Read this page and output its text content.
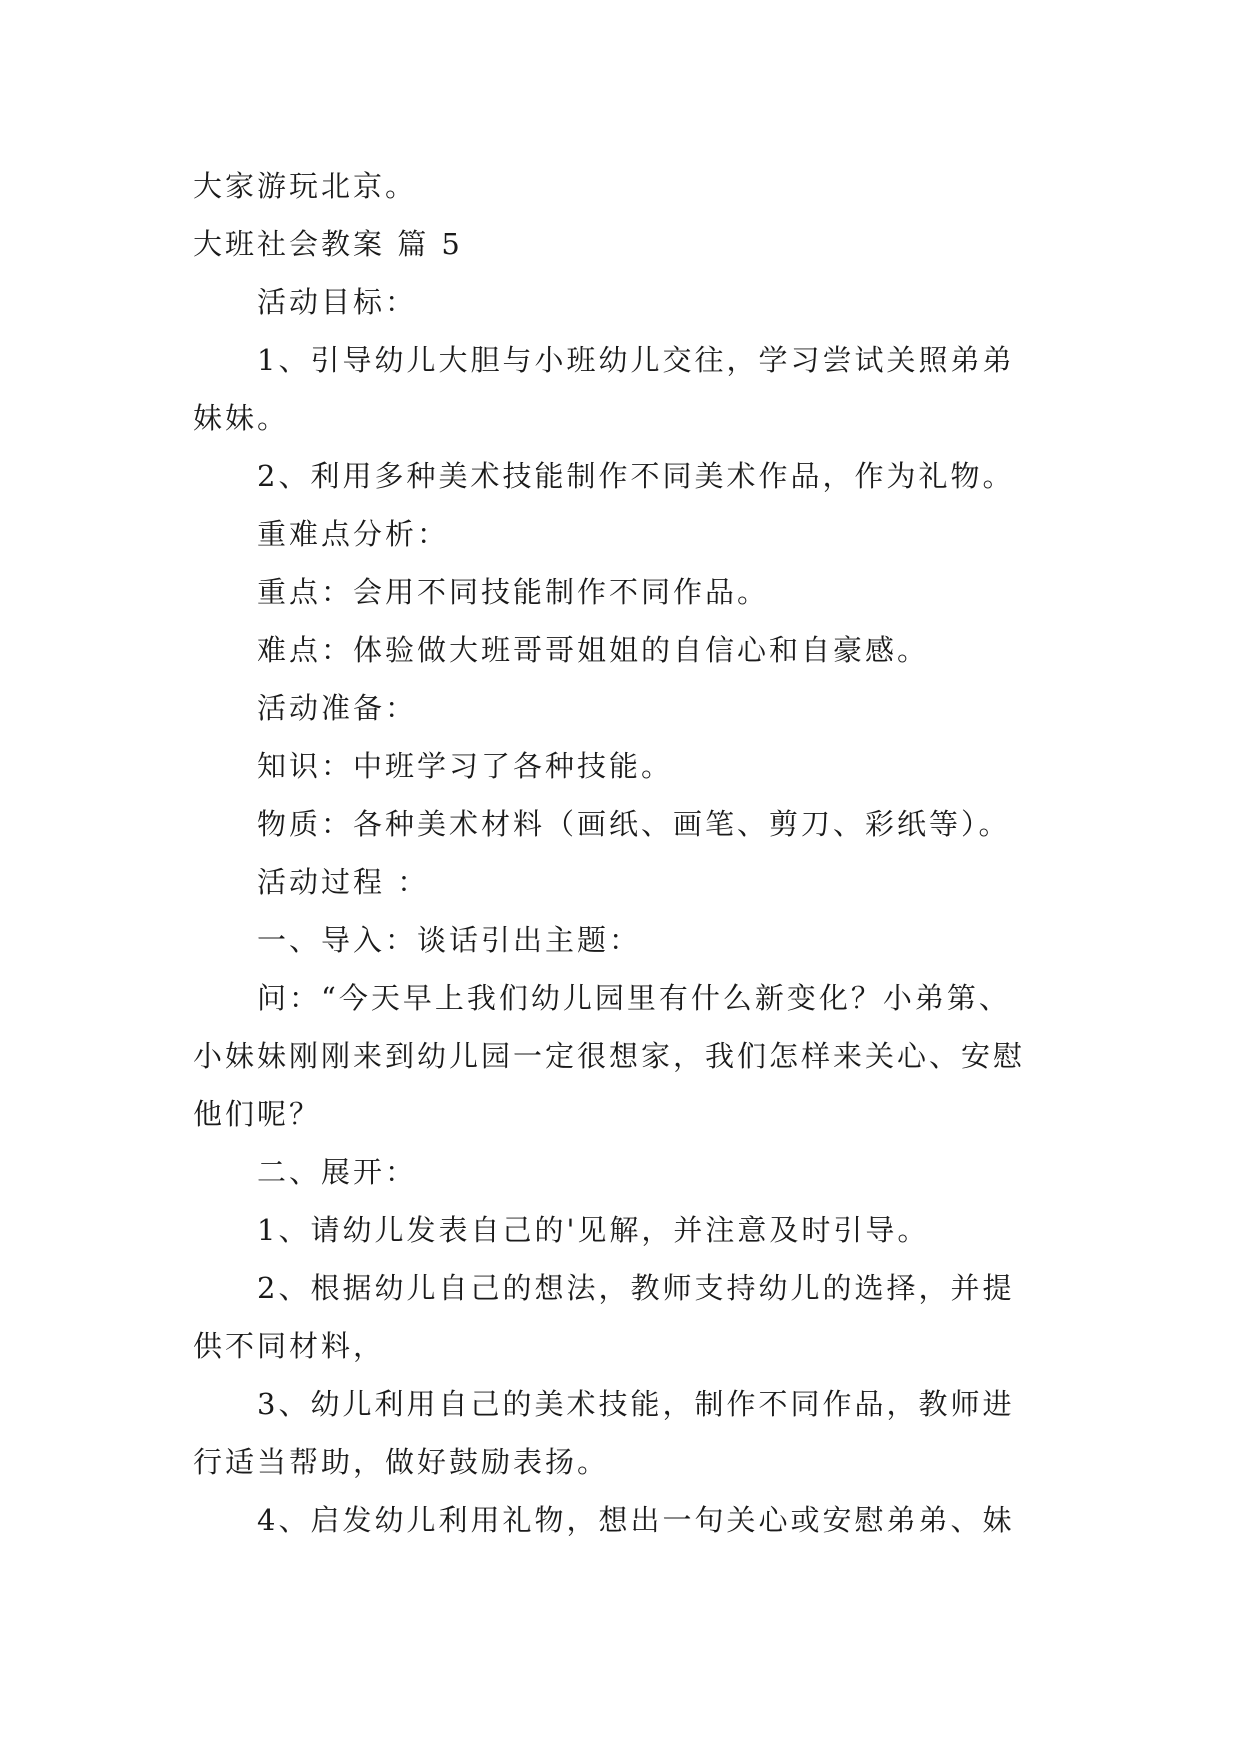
大家游玩北京。
大班社会教案 篇 5
活动目标：
1、引导幼儿大胆与小班幼儿交往，学习尝试关照弟弟
妹妹。
2、利用多种美术技能制作不同美术作品，作为礼物。
重难点分析：
重点：会用不同技能制作不同作品。
难点：体验做大班哥哥姐姐的自信心和自豪感。
活动准备：
知识：中班学习了各种技能。
物质：各种美术材料（画纸、画笔、剪刀、彩纸等）。
活动过程 ：
一、导入：谈话引出主题：
问：“今天早上我们幼儿园里有什么新变化？小弟第、
小妹妹刚刚来到幼儿园一定很想家，我们怎样来关心、安慰
他们呢？
二、展开：
1、请幼儿发表自己的'见解，并注意及时引导。
2、根据幼儿自己的想法，教师支持幼儿的选择，并提
供不同材料，
3、幼儿利用自己的美术技能，制作不同作品，教师进
行适当帮助，做好鼓励表扬。
4、启发幼儿利用礼物，想出一句关心或安慰弟弟、妹
